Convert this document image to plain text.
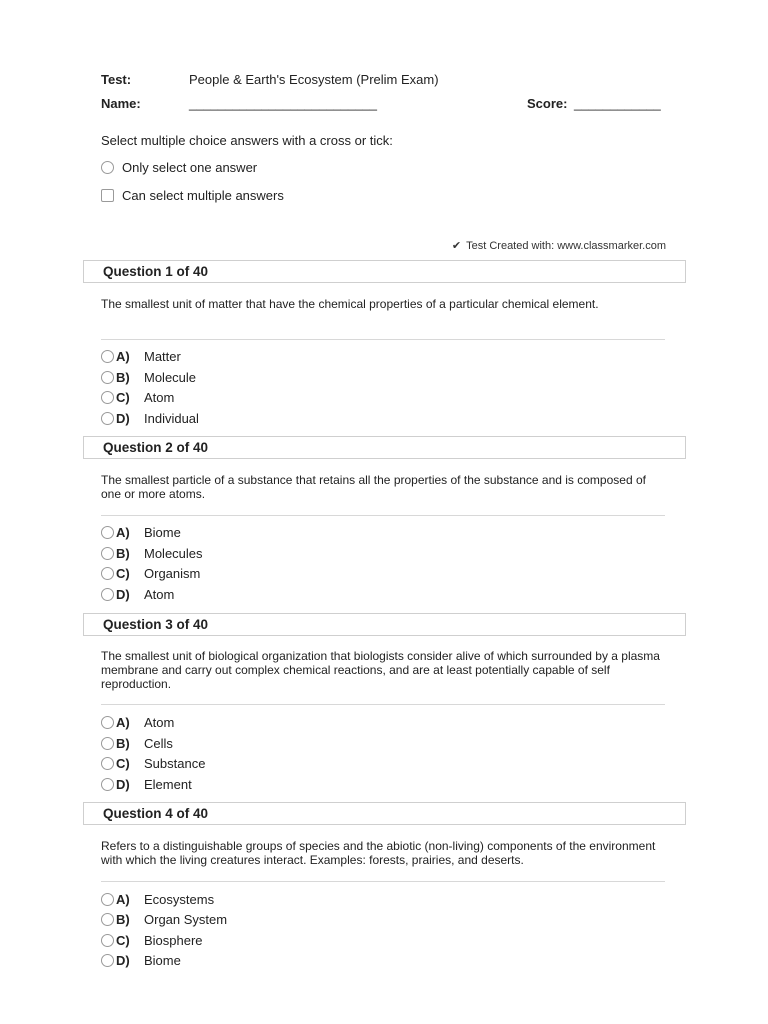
Test:	People & Earth's Ecosystem (Prelim Exam)
Name:	__________________________	Score: ____________
Select multiple choice answers with a cross or tick:
Only select one answer
Can select multiple answers
✔ Test Created with: www.classmarker.com
Question 1 of 40
The smallest unit of matter that have the chemical properties of a particular chemical element.
A)	Matter
B)	Molecule
C)	Atom
D)	Individual
Question 2 of 40
The smallest particle of a substance that retains all the properties of the substance and is composed of one or more atoms.
A)	Biome
B)	Molecules
C)	Organism
D)	Atom
Question 3 of 40
The smallest unit of biological organization that biologists consider alive of which surrounded by a plasma membrane and carry out complex chemical reactions, and are at least potentially capable of self reproduction.
A)	Atom
B)	Cells
C)	Substance
D)	Element
Question 4 of 40
Refers to a distinguishable groups of species and the abiotic (non-living) components of the environment with which the living creatures interact. Examples: forests, prairies, and deserts.
A)	Ecosystems
B)	Organ System
C)	Biosphere
D)	Biome
